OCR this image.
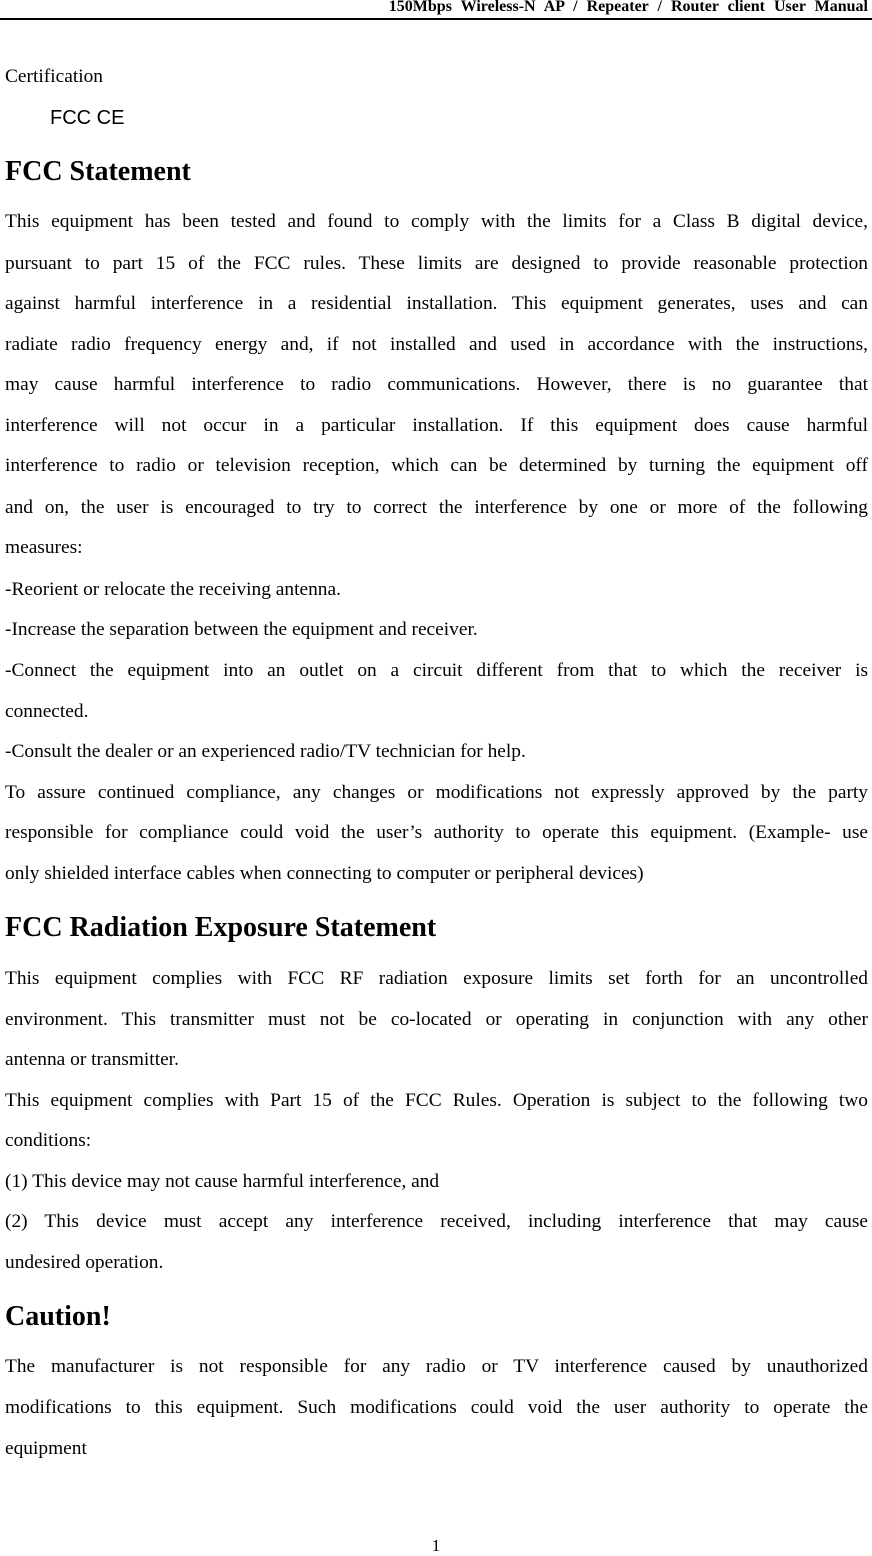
150Mbps Wireless-N AP / Repeater / Router client User Manual
Certification
FCC CE
FCC Statement
This equipment has been tested and found to comply with the limits for a Class B digital device,
pursuant to part 15 of the FCC rules. These limits are designed to provide reasonable protection
against harmful interference in a residential installation. This equipment generates, uses and can
radiate radio frequency energy and, if not installed and used in accordance with the instructions,
may cause harmful interference to radio communications. However, there is no guarantee that
interference will not occur in a particular installation. If this equipment does cause harmful
interference to radio or television reception, which can be determined by turning the equipment off
and on, the user is encouraged to try to correct the interference by one or more of the following
measures:
-Reorient or relocate the receiving antenna.
-Increase the separation between the equipment and receiver.
-Connect the equipment into an outlet on a circuit different from that to which the receiver is
connected.
-Consult the dealer or an experienced radio/TV technician for help.
To assure continued compliance, any changes or modifications not expressly approved by the party
responsible for compliance could void the user’s authority to operate this equipment. (Example- use
only shielded interface cables when connecting to computer or peripheral devices)
FCC Radiation Exposure Statement
This equipment complies with FCC RF radiation exposure limits set forth for an uncontrolled
environment. This transmitter must not be co-located or operating in conjunction with any other
antenna or transmitter.
This equipment complies with Part 15 of the FCC Rules. Operation is subject to the following two
conditions:
(1) This device may not cause harmful interference, and
(2) This device must accept any interference received, including interference that may cause
undesired operation.
Caution!
The manufacturer is not responsible for any radio or TV interference caused by unauthorized
modifications to this equipment. Such modifications could void the user authority to operate the
equipment
1
